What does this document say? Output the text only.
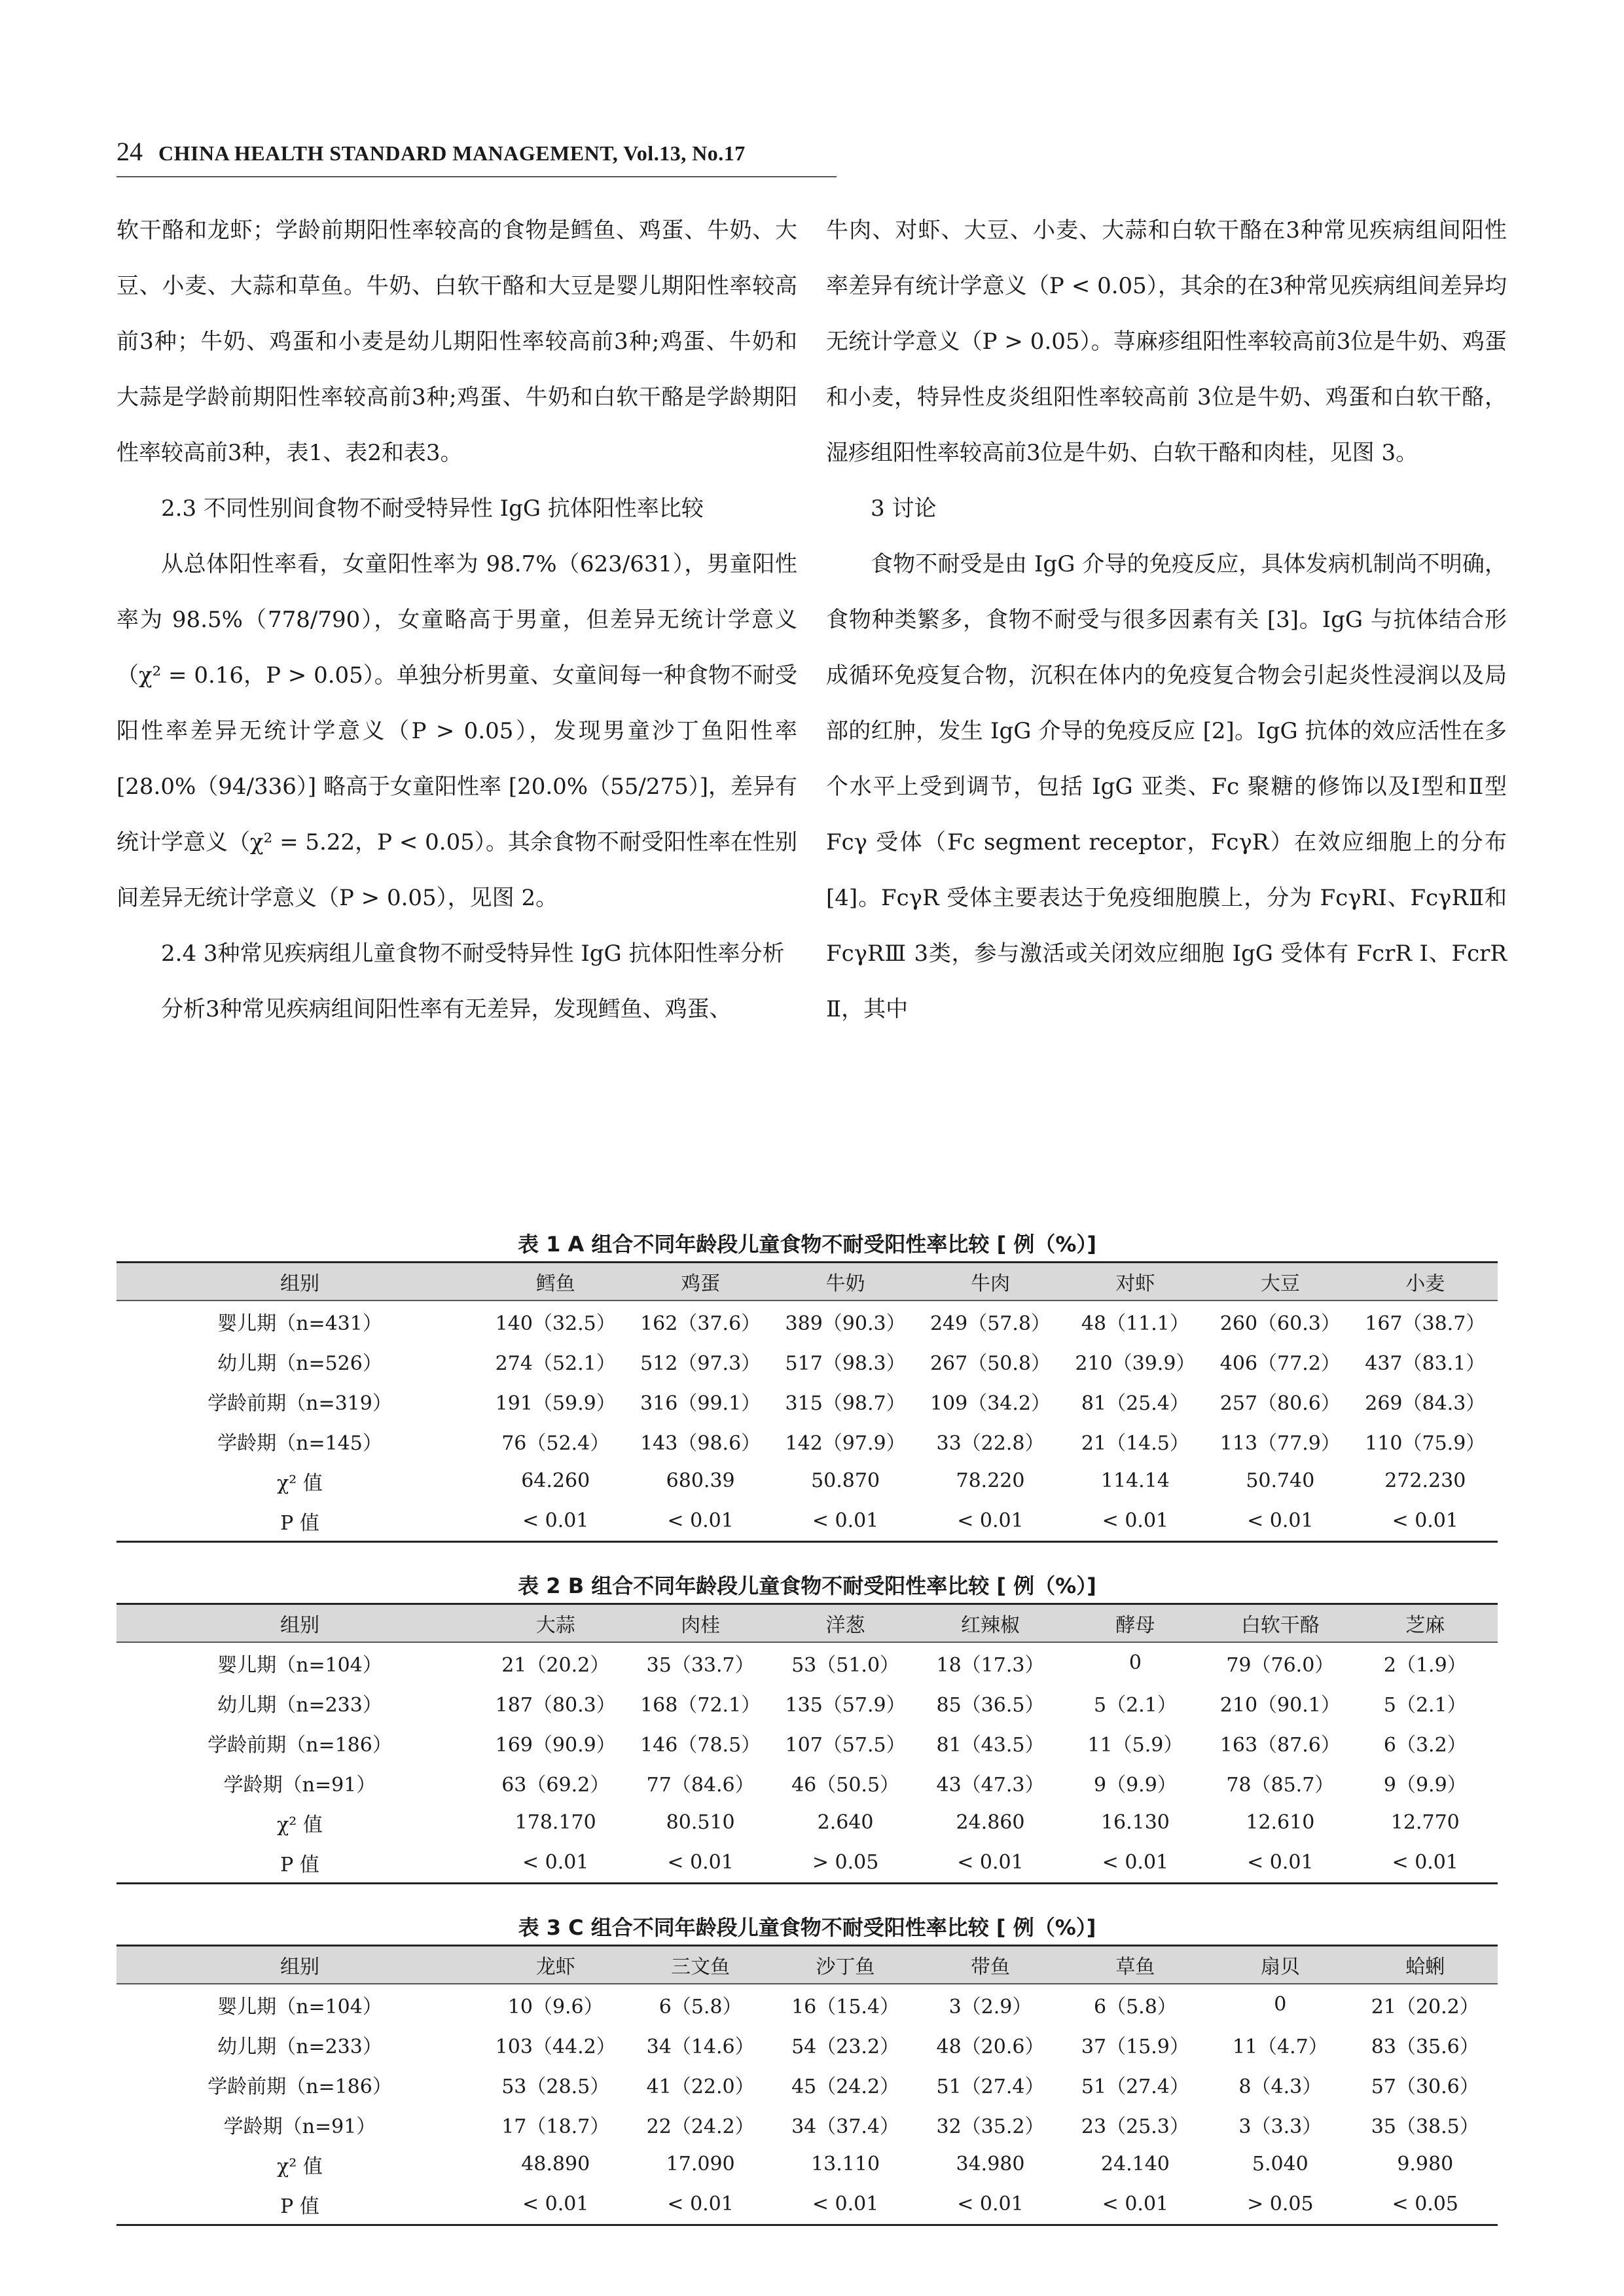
24 CHINA HEALTH STANDARD MANAGEMENT, Vol.13, No.17

软干酪和龙虾；学龄前期阳性率较高的食物是鳕鱼、鸡蛋、牛奶、大豆、小麦、大蒜和草鱼。牛奶、白软干酪和大豆是婴儿期阳性率较高前3种；牛奶、鸡蛋和小麦是幼儿期阳性率较高前3种;鸡蛋、牛奶和大蒜是学龄前期阳性率较高前3种;鸡蛋、牛奶和白软干酪是学龄期阳性率较高前3种，表1、表2和表3。

2.3 不同性别间食物不耐受特异性 IgG 抗体阳性率比较

从总体阳性率看，女童阳性率为 98.7%（623/631），男童阳性率为 98.5%（778/790），女童略高于男童，但差异无统计学意义（χ² = 0.16，P > 0.05）。单独分析男童、女童间每一种食物不耐受阳性率差异无统计学意义（P > 0.05），发现男童沙丁鱼阳性率 [28.0%（94/336）] 略高于女童阳性率 [20.0%（55/275）]，差异有统计学意义（χ² = 5.22，P < 0.05）。其余食物不耐受阳性率在性别间差异无统计学意义（P > 0.05），见图 2。

2.4 3种常见疾病组儿童食物不耐受特异性 IgG 抗体阳性率分析

分析3种常见疾病组间阳性率有无差异，发现鳕鱼、鸡蛋、

牛肉、对虾、大豆、小麦、大蒜和白软干酪在3种常见疾病组间阳性率差异有统计学意义（P < 0.05），其余的在3种常见疾病组间差异均无统计学意义（P > 0.05）。荨麻疹组阳性率较高前3位是牛奶、鸡蛋和小麦，特异性皮炎组阳性率较高前 3位是牛奶、鸡蛋和白软干酪，湿疹组阳性率较高前3位是牛奶、白软干酪和肉桂，见图 3。

3 讨论

食物不耐受是由 IgG 介导的免疫反应，具体发病机制尚不明确，食物种类繁多，食物不耐受与很多因素有关 [3]。IgG 与抗体结合形成循环免疫复合物，沉积在体内的免疫复合物会引起炎性浸润以及局部的红肿，发生 IgG 介导的免疫反应 [2]。IgG 抗体的效应活性在多个水平上受到调节，包括 IgG 亚类、Fc 聚糖的修饰以及Ⅰ型和Ⅱ型 Fcγ 受体（Fc segment receptor，FcγR）在效应细胞上的分布 [4]。FcγR 受体主要表达于免疫细胞膜上，分为 FcγRI、FcγRⅡ和 FcγRⅢ 3类，参与激活或关闭效应细胞 IgG 受体有 FcrR Ⅰ、FcrR Ⅱ，其中

表 1 A 组合不同年龄段儿童食物不耐受阳性率比较 [ 例（%）]
组别	鳕鱼	鸡蛋	牛奶	牛肉	对虾	大豆	小麦
婴儿期（n=431）	140（32.5）	162（37.6）	389（90.3）	249（57.8）	48（11.1）	260（60.3）	167（38.7）
幼儿期（n=526）	274（52.1）	512（97.3）	517（98.3）	267（50.8）	210（39.9）	406（77.2）	437（83.1）
学龄前期（n=319）	191（59.9）	316（99.1）	315（98.7）	109（34.2）	81（25.4）	257（80.6）	269（84.3）
学龄期（n=145）	76（52.4）	143（98.6）	142（97.9）	33（22.8）	21（14.5）	113（77.9）	110（75.9）
χ² 值	64.260	680.39	50.870	78.220	114.14	50.740	272.230
P 值	< 0.01	< 0.01	< 0.01	< 0.01	< 0.01	< 0.01	< 0.01
表 2 B 组合不同年龄段儿童食物不耐受阳性率比较 [ 例（%）]
组别	大蒜	肉桂	洋葱	红辣椒	酵母	白软干酪	芝麻
婴儿期（n=104）	21（20.2）	35（33.7）	53（51.0）	18（17.3）	0	79（76.0）	2（1.9）
幼儿期（n=233）	187（80.3）	168（72.1）	135（57.9）	85（36.5）	5（2.1）	210（90.1）	5（2.1）
学龄前期（n=186）	169（90.9）	146（78.5）	107（57.5）	81（43.5）	11（5.9）	163（87.6）	6（3.2）
学龄期（n=91）	63（69.2）	77（84.6）	46（50.5）	43（47.3）	9（9.9）	78（85.7）	9（9.9）
χ² 值	178.170	80.510	2.640	24.860	16.130	12.610	12.770
P 值	< 0.01	< 0.01	> 0.05	< 0.01	< 0.01	< 0.01	< 0.01
表 3 C 组合不同年龄段儿童食物不耐受阳性率比较 [ 例（%）]
组别	龙虾	三文鱼	沙丁鱼	带鱼	草鱼	扇贝	蛤蜊
婴儿期（n=104）	10（9.6）	6（5.8）	16（15.4）	3（2.9）	6（5.8）	0	21（20.2）
幼儿期（n=233）	103（44.2）	34（14.6）	54（23.2）	48（20.6）	37（15.9）	11（4.7）	83（35.6）
学龄前期（n=186）	53（28.5）	41（22.0）	45（24.2）	51（27.4）	51（27.4）	8（4.3）	57（30.6）
学龄期（n=91）	17（18.7）	22（24.2）	34（37.4）	32（35.2）	23（25.3）	3（3.3）	35（38.5）
χ² 值	48.890	17.090	13.110	34.980	24.140	5.040	9.980
P 值	< 0.01	< 0.01	< 0.01	< 0.01	< 0.01	> 0.05	< 0.05
